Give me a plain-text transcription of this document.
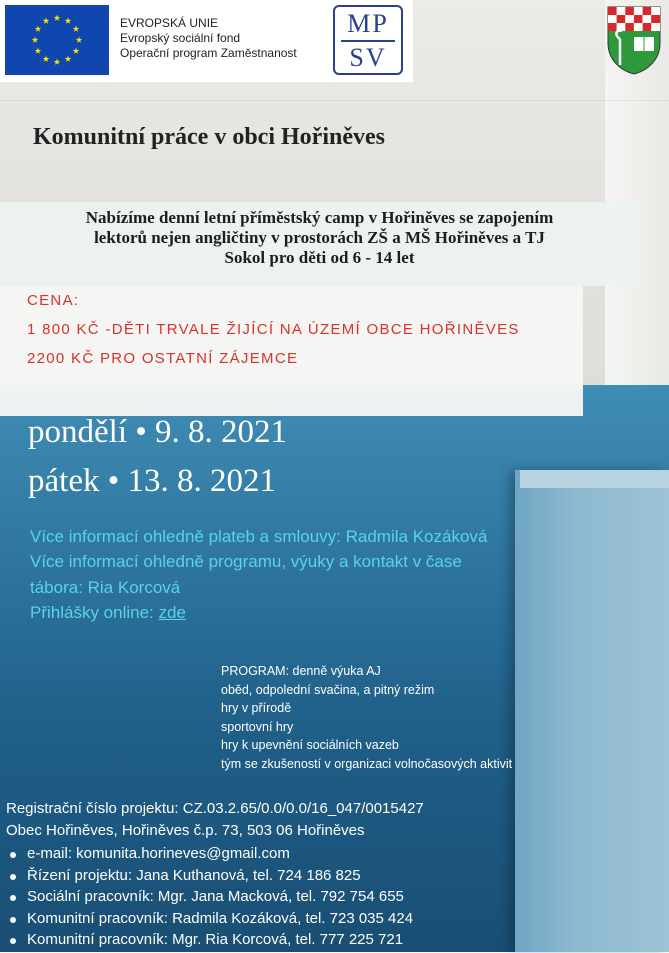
EVROPSKÁ UNIE
Evropský sociální fond
Operační program Zaměstnanost
MP
SV
Komunitní práce v obci Hořiněves
Nabízíme denní letní příměstský camp v Hořiněves se zapojením
lektorů nejen angličtiny v prostorách ZŠ a MŠ Hořiněves a TJ
Sokol pro děti od 6 - 14 let
CENA:
1 800 KČ -DĚTI TRVALE ŽIJÍCÍ NA ÚZEMÍ OBCE HOŘINĚVES
2200 KČ PRO OSTATNÍ ZÁJEMCE
pondělí • 9. 8. 2021
pátek • 13. 8. 2021
Více informací ohledně plateb a smlouvy: Radmila Kozáková
Více informací ohledně programu, výuky a kontakt v čase
tábora: Ria Korcová
Přihlášky online: zde
PROGRAM: denně výuka AJ
oběd, odpolední svačina, a pitný režim
hry v přírodě
sportovní hry
hry k upevnění sociálních vazeb
tým se zkušeností v organizaci volnočasových aktivit
Registrační číslo projektu: CZ.03.2.65/0.0/0.0/16_047/0015427
Obec Hořiněves, Hořiněves č.p. 73, 503 06 Hořiněves
e-mail: komunita.horineves@gmail.com
Řízení projektu: Jana Kuthanová, tel. 724 186 825
Sociální pracovník: Mgr. Jana Macková, tel. 792 754 655
Komunitní pracovník: Radmila Kozáková, tel. 723 035 424
Komunitní pracovník: Mgr. Ria Korcová, tel. 777 225 721
